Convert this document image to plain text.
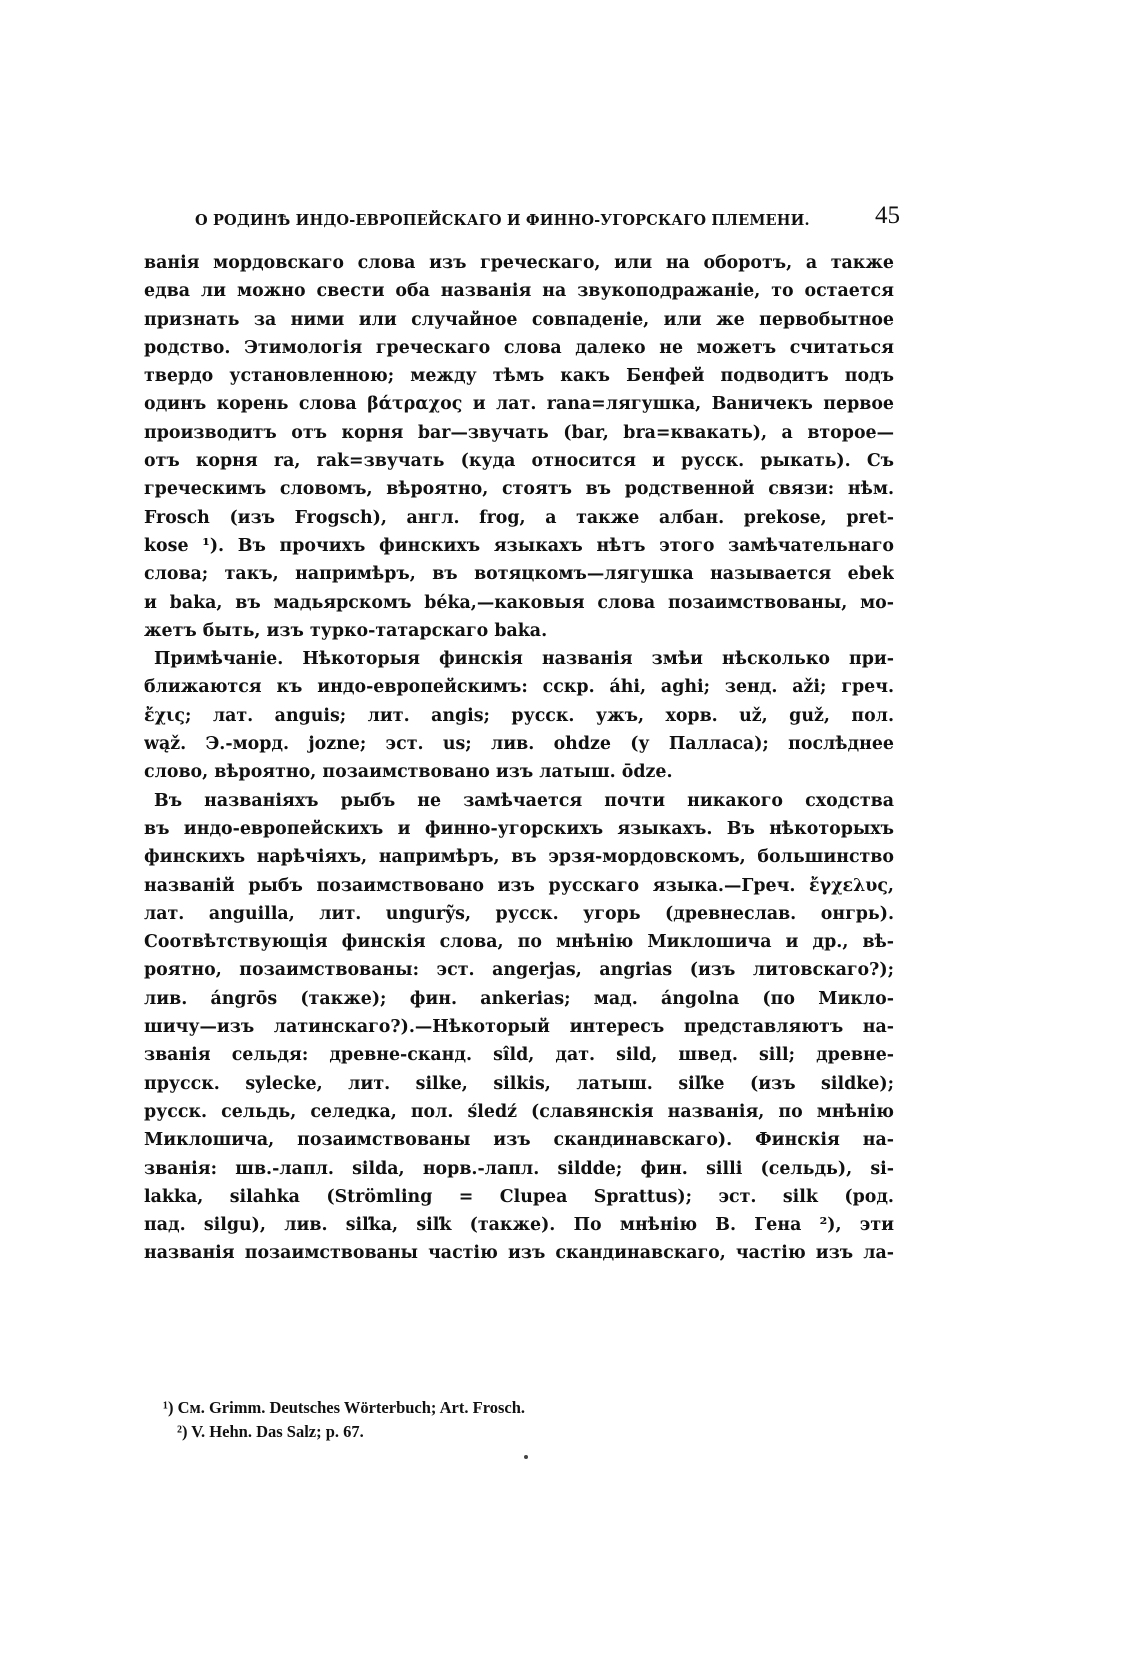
О РОДИНѢ ИНДО-ЕВРОПЕЙСКАГО И ФИННО-УГОРСКАГО ПЛЕМЕНИ.	45
ванія мордовскаго слова изъ греческаго, или на оборотъ, а также
едва ли можно свести оба названія на звукоподражаніе, то остается
признать за ними или случайное совпаденіе, или же первобытное
родство. Этимологія греческаго слова далеко не можетъ считаться
твердо установленною; между тѣмъ какъ Бенфей подводитъ подъ
одинъ корень слова βάτραχος и лат. rana=лягушка, Ваничекъ первое
производитъ отъ корня bar—звучать (bar, bra=квакать), а второе—
отъ корня ra, rak=звучать (куда относится и русск. рыкать). Съ
греческимъ словомъ, вѣроятно, стоятъ въ родственной связи: нѣм.
Frosch (изъ Frogsch), англ. frog, а также албан. prekose, pret-
kose ¹). Въ прочихъ финскихъ языкахъ нѣтъ этого замѣчательнаго
слова; такъ, напримѣръ, въ вотяцкомъ—лягушка называется ebek
и baka, въ мадьярскомъ béka,—каковыя слова позаимствованы, мо-
жетъ быть, изъ турко-татарскаго baka.
Примѣчаніе. Нѣкоторыя финскія названія змѣи нѣсколько при-
ближаются къ индо-европейскимъ: сскр. áhi, aghi; зенд. aži; греч.
ἔχις; лат. anguis; лит. angis; русск. ужъ, хорв. už, guž, пол.
wąž. Э.-морд. jozne; эст. us; лив. ohdze (у Палласа); послѣднее
слово, вѣроятно, позаимствовано изъ латыш. ōdze.
Въ названіяхъ рыбъ не замѣчается почти никакого сходства
въ индо-европейскихъ и финно-угорскихъ языкахъ. Въ нѣкоторыхъ
финскихъ нарѣчіяхъ, напримѣръ, въ эрзя-мордовскомъ, большинство
названій рыбъ позаимствовано изъ русскаго языка.—Греч. ἔγχελυς,
лат. anguilla, лит. ungurỹs, русск. угорь (древнеслав. онгрь).
Соотвѣтствующія финскія слова, по мнѣнію Миклошича и др., вѣ-
роятно, позаимствованы: эст. angerjas, angrias (изъ литовскаго?);
лив. ángrōs (также); фин. ankerias; мад. ángolna (по Микло-
шичу—изъ латинскаго?).—Нѣкоторый интересъ представляютъ на-
званія сельдя: древне-сканд. sîld, дат. sild, швед. sill; древне-
прусск. sylecke, лит. silke, silkis, латыш. siľke (изъ sildke);
русск. сельдь, селедка, пол. śledź (славянскія названія, по мнѣнію
Миклошича, позаимствованы изъ скандинавскаго). Финскія на-
званія: шв.-лапл. silda, норв.-лапл. sildde; фин. silli (сельдь), si-
lakka, silahka (Strömling = Clupea Sprattus); эст. silk (род.
пад. silgu), лив. siľka, siľk (также). По мнѣнію В. Гена ²), эти
названія позаимствованы частію изъ скандинавскаго, частію изъ ла-
¹) См. Grimm. Deutsches Wörterbuch; Art. Frosch.
²) V. Hehn. Das Salz; p. 67.
